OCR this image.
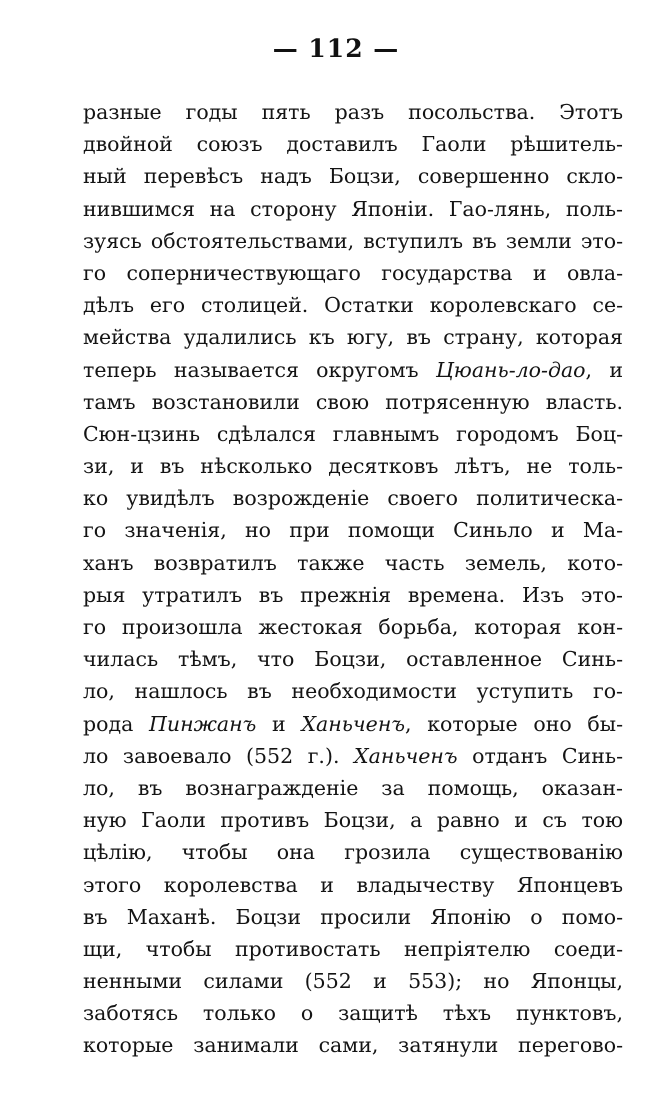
— 112 —
разные годы пять разъ посольства. Этотъ
двойной союзъ доставилъ Гаоли рѣшитель-
ный перевѣсъ надъ Боцзи, совершенно скло-
нившимся на сторону Японіи. Гао-лянь, поль-
зуясь обстоятельствами, вступилъ въ земли это-
го соперничествующаго государства и овла-
дѣлъ его столицей. Остатки королевскаго се-
мейства удалились къ югу, въ страну, которая
теперь называется округомъ Цюань-ло-дао, и
тамъ возстановили свою потрясенную власть.
Сюн-цзинь сдѣлался главнымъ городомъ Боц-
зи, и въ нѣсколько десятковъ лѣтъ, не толь-
ко увидѣлъ возрожденіе своего политическа-
го значенія, но при помощи Синьло и Ма-
ханъ возвратилъ также часть земель, кото-
рыя утратилъ въ прежнія времена. Изъ это-
го произошла жестокая борьба, которая кон-
чилась тѣмъ, что Боцзи, оставленное Синь-
ло, нашлось въ необходимости уступить го-
рода Пинжанъ и Ханьченъ, которые оно бы-
ло завоевало (552 г.). Ханьченъ отданъ Синь-
ло, въ вознагражденіе за помощь, оказан-
ную Гаоли противъ Боцзи, а равно и съ тою
цѣлію, чтобы она грозила существованію
этого королевства и владычеству Японцевъ
въ Маханѣ. Боцзи просили Японію о помо-
щи, чтобы противостать непріятелю соеди-
ненными силами (552 и 553); но Японцы,
заботясь только о защитѣ тѣхъ пунктовъ,
которые занимали сами, затянули перегово-
